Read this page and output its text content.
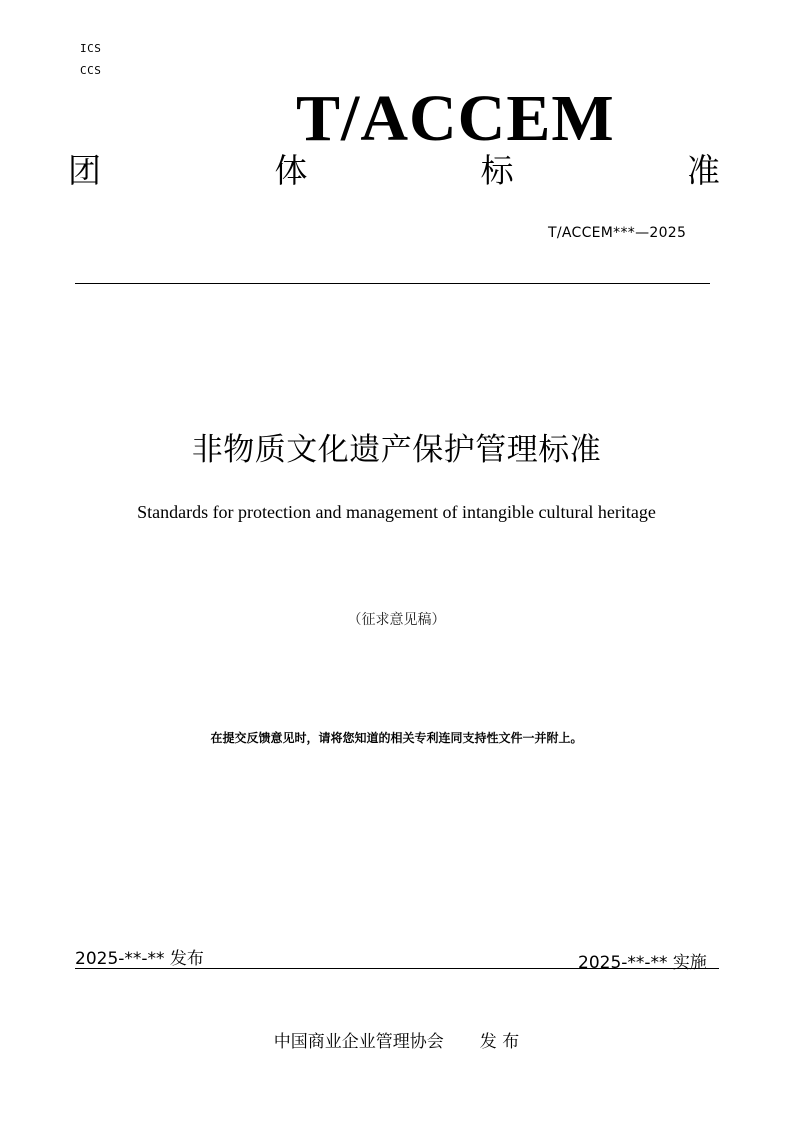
ICS
CCS
T/ACCEM
团	体	标	准
T/ACCEM***—2025
非物质文化遗产保护管理标准
Standards for protection and management of intangible cultural heritage
（征求意见稿）
在提交反馈意见时，请将您知道的相关专利连同支持性文件一并附上。
2025-**-** 发布	2025-**-** 实施
中国商业企业管理协会 发 布
